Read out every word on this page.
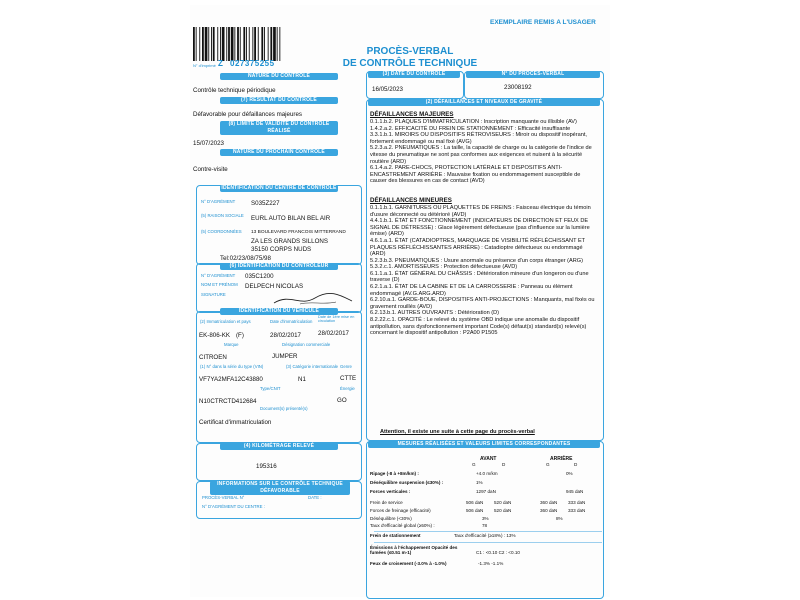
N° d'imprimé Z 027375255
EXEMPLAIRE REMIS A L'USAGER
PROCÈS-VERBAL
DE CONTRÔLE TECHNIQUE
NATURE DU CONTRÔLE
Contrôle technique périodique
(7) RÉSULTAT DU CONTRÔLE
Défavorable pour défaillances majeures
(8) LIMITE DE VALIDITÉ DU CONTRÔLE RÉALISÉ
15/07/2023
NATURE DU PROCHAIN CONTRÔLE
Contre-visite
IDENTIFICATION DU CENTRE DE CONTRÔLE
N° D'AGRÉMENT	S035Z227
(5) RAISON SOCIALE EURL AUTO BILAN BEL AIR
(5) COORDONNÉES 13 BOULEVARD FRANCOIS MITTERRAND
ZA LES GRANDS SILLONS
35150 CORPS NUDS
Tel:02/23/08/75/98
(6) IDENTIFICATION DU CONTRÔLEUR
N° D'AGRÉMENT 035C1200
NOM ET PRÉNOM DELPECH NICOLAS
SIGNATURE
IDENTIFICATION DU VÉHICULE
(2) Immatriculation et pays	Date d'immatriculation
Date de 1ère mise en circulation
EK-806-KK (F)	28/02/2017	28/02/2017
Marque	Désignation commerciale
CITROEN	JUMPER
(1) N° dans la série du type (VIN)	(3) Catégorie internationale Genre
VF7YA2MFA12C43880	N1	CTTE
Type/CNIT	Énergie
N10CTRCTD412684	GO
Document(s) présenté(s)
Certificat d'immatriculation
(4) KILOMÉTRAGE RELEVÉ
195316
INFORMATIONS SUR LE CONTRÔLE TECHNIQUE DÉFAVORABLE
PROCÈS-VERBAL N°	DATE :
N° D'AGRÉMENT DU CENTRE :
(3) DATE DU CONTRÔLE
16/05/2023
N° DU PROCÈS-VERBAL
23008192
(2) DÉFAILLANCES ET NIVEAUX DE GRAVITÉ
DÉFAILLANCES MAJEURES

0.1.1.b.2. PLAQUES D'IMMATRICULATION : Inscription manquante ou illisible (AV)

1.4.2.a.2. EFFICACITÉ DU FREIN DE STATIONNEMENT : Efficacité insuffisante

3.3.1.b.1. MIROIRS OU DISPOSITIFS RÉTROVISEURS : Miroir ou dispositif inopérant, fortement endommagé ou mal fixé (AVG)

5.2.3.a.2. PNEUMATIQUES : La taille, la capacité de charge ou la catégorie de l'indice de vitesse du pneumatique ne sont pas conformes aux exigences et nuisent à la sécurité routière (ARD)

6.1.4.a.2. PARE-CHOCS, PROTECTION LATÉRALE ET DISPOSITIFS ANTI-ENCASTREMENT ARRIÈRE : Mauvaise fixation ou endommagement susceptible de causer des blessures en cas de contact (AVD)

DÉFAILLANCES MINEURES

0.1.1.b.1. GARNITURES OU PLAQUETTES DE FREINS : Faisceau électrique du témoin d'usure déconnecté ou détérioré (AVD)

4.4.1.b.1. ÉTAT ET FONCTIONNEMENT (INDICATEURS DE DIRECTION ET FEUX DE SIGNAL DE DÉTRESSE) : Glace légèrement défectueuse (pas d'influence sur la lumière émise) (ARD)

4.6.1.a.1. ÉTAT (CATADIOPTRES, MARQUAGE DE VISIBILITÉ RÉFLÉCHISSANT ET PLAQUES RÉFLÉCHISSANTES ARRIÈRE) : Catadioptre défectueux ou endommagé (ARD)

5.2.3.b.3. PNEUMATIQUES : Usure anormale ou présence d'un corps étranger (ARG)

5.3.2.c.1. AMORTISSEURS : Protection défectueuse (AVD)

6.1.1.a.1. ÉTAT GÉNÉRAL DU CHÂSSIS : Détérioration mineure d'un longeron ou d'une traverse (D)

6.2.1.a.1. ÉTAT DE LA CABINE ET DE LA CARROSSERIE : Panneau ou élément endommagé (AV.G.ARG.ARD)

6.2.10.a.1. GARDE-BOUE, DISPOSITIFS ANTI-PROJECTIONS : Manquants, mal fixés ou gravement rouillés (AVD)

6.2.13.b.1. AUTRES OUVRANTS : Détérioration (D)

8.2.22.c.1. OPACITÉ : Le relevé du système OBD indique une anomalie du dispositif antipollution, sans dysfonctionnement important Code(s) défaut(s) standard(s) relevé(s) concernant le dispositif antipollution : P2A00 P1505

Attention, il existe une suite à cette page du procès-verbal
MESURES RÉALISÉES ET VALEURS LIMITES CORRESPONDANTES
AVANT	ARRIÈRE
G	D	G	D
Ripage (-8 à +8m/km) :	+4.0 m/km	0%
Déséquilibre suspension (≤30%) :	1%
Forces verticales :	1297 daN	945 daN
Frein de service	506 daN 520 daN	360 daN 333 daN
Forces de freinage (efficacité)	506 daN 520 daN	360 daN 333 daN
Déséquilibre (<30%)	3%	8%
Taux d'efficacité global (≥50%) :	78
Frein de stationnement	Taux d'efficacité (≥18%) : 13%
Émissions à l'échappement Opacité des fumées (≤0.51 m-1)	C1 : <0.10 C2 : <0.10
Feux de croisement (-3.0% à -1.0%)	-1.3% -1.1%
